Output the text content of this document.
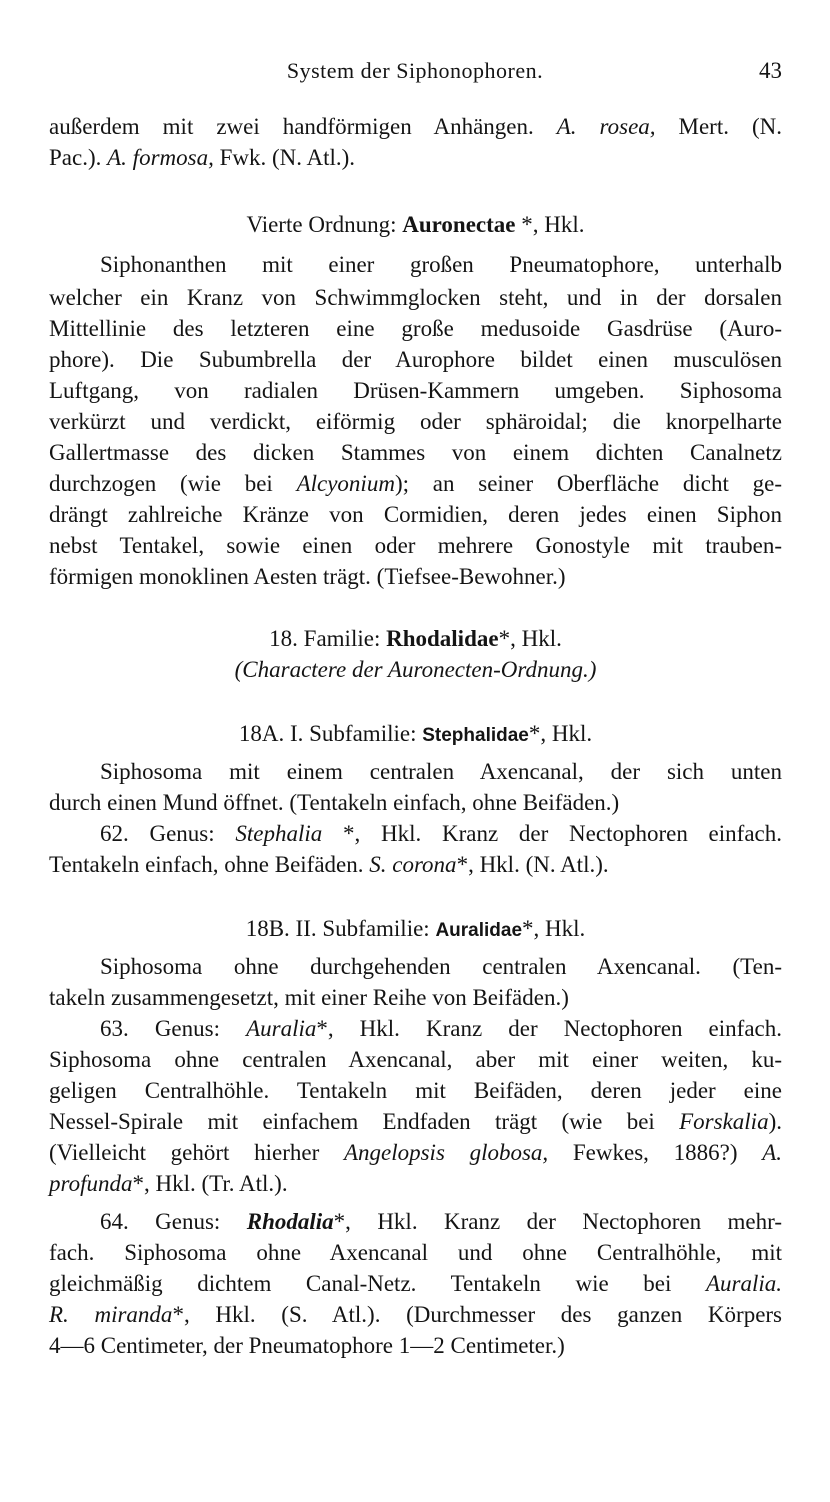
System der Siphonophoren.	43

außerdem mit zwei handförmigen Anhängen. A. rosea, Mert. (N.

Pac.). A. formosa, Fwk. (N. Atl.).

Vierte Ordnung: Auronectae *, Hkl.

Siphonanthen mit einer großen Pneumatophore, unterhalb

welcher ein Kranz von Schwimmglocken steht, und in der dorsalen

Mittellinie des letzteren eine große medusoide Gasdrüse (Auro-

phore). Die Subumbrella der Aurophore bildet einen musculösen

Luftgang, von radialen Drüsen-Kammern umgeben. Siphosoma

verkürzt und verdickt, eiförmig oder sphäroidal; die knorpelharte

Gallertmasse des dicken Stammes von einem dichten Canalnetz

durchzogen (wie bei Alcyonium); an seiner Oberfläche dicht ge-

drängt zahlreiche Kränze von Cormidien, deren jedes einen Siphon

nebst Tentakel, sowie einen oder mehrere Gonostyle mit trauben-

förmigen monoklinen Aesten trägt. (Tiefsee-Bewohner.)

18. Familie: Rhodalidae*, Hkl.

(Charactere der Auronecten-Ordnung.)

18A. I. Subfamilie: Stephalidae*, Hkl.

Siphosoma mit einem centralen Axencanal, der sich unten

durch einen Mund öffnet. (Tentakeln einfach, ohne Beifäden.)

62. Genus: Stephalia *, Hkl. Kranz der Nectophoren einfach.

Tentakeln einfach, ohne Beifäden. S. corona*, Hkl. (N. Atl.).

18B. II. Subfamilie: Auralidae*, Hkl.

Siphosoma ohne durchgehenden centralen Axencanal. (Ten-

takeln zusammengesetzt, mit einer Reihe von Beifäden.)

63. Genus: Auralia*, Hkl. Kranz der Nectophoren einfach.

Siphosoma ohne centralen Axencanal, aber mit einer weiten, ku-

geligen Centralhöhle. Tentakeln mit Beifäden, deren jeder eine

Nessel-Spirale mit einfachem Endfaden trägt (wie bei Forskalia).

(Vielleicht gehört hierher Angelopsis globosa, Fewkes, 1886?) A.

profunda*, Hkl. (Tr. Atl.).

64. Genus: Rhodalia*, Hkl. Kranz der Nectophoren mehr-

fach. Siphosoma ohne Axencanal und ohne Centralhöhle, mit

gleichmäßig dichtem Canal-Netz. Tentakeln wie bei Auralia.

R. miranda*, Hkl. (S. Atl.). (Durchmesser des ganzen Körpers

4—6 Centimeter, der Pneumatophore 1—2 Centimeter.)
